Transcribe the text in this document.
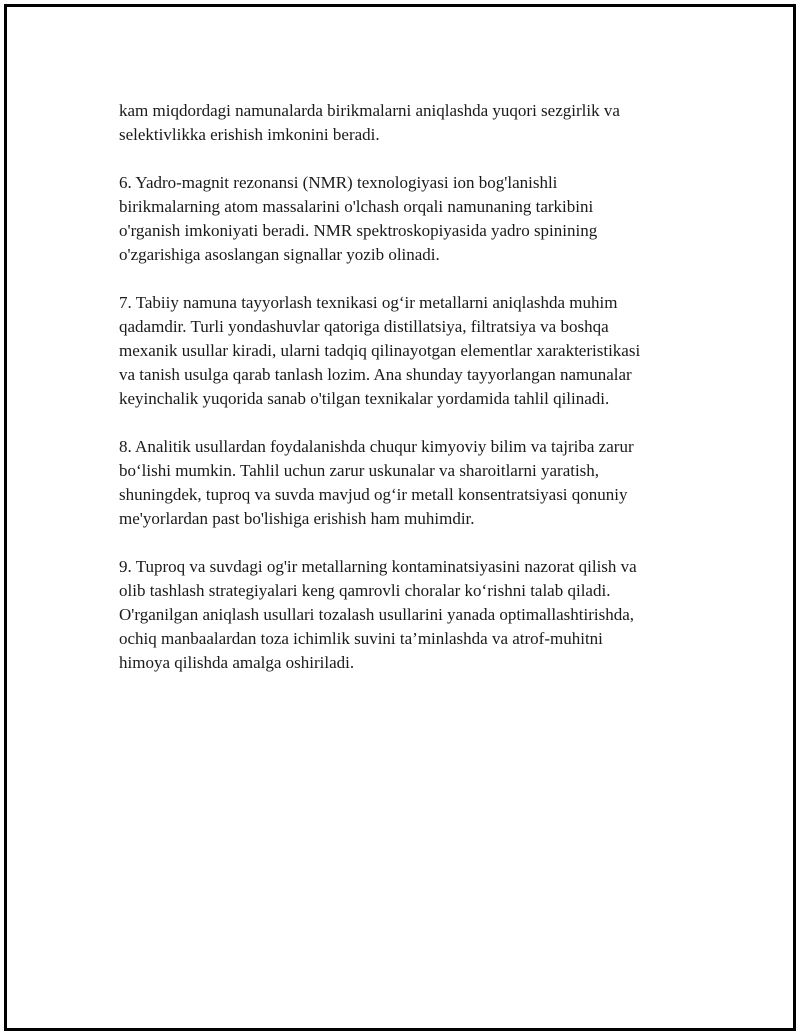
kam miqdordagi namunalarda birikmalarni aniqlashda yuqori sezgirlik va
selektivlikka erishish imkonini beradi.

6. Yadro-magnit rezonansi (NMR) texnologiyasi ion bog'lanishli
birikmalarning atom massalarini o'lchash orqali namunaning tarkibini
o'rganish imkoniyati beradi. NMR spektroskopiyasida yadro spinining
o'zgarishiga asoslangan signallar yozib olinadi.

7. Tabiiy namuna tayyorlash texnikasi og‘ir metallarni aniqlashda muhim
qadamdir. Turli yondashuvlar qatoriga distillatsiya, filtratsiya va boshqa
mexanik usullar kiradi, ularni tadqiq qilinayotgan elementlar xarakteristikasi
va tanish usulga qarab tanlash lozim. Ana shunday tayyorlangan namunalar
keyinchalik yuqorida sanab o'tilgan texnikalar yordamida tahlil qilinadi.

8. Analitik usullardan foydalanishda chuqur kimyoviy bilim va tajriba zarur
bo‘lishi mumkin. Tahlil uchun zarur uskunalar va sharoitlarni yaratish,
shuningdek, tuproq va suvda mavjud og‘ir metall konsentratsiyasi qonuniy
me'yorlardan past bo'lishiga erishish ham muhimdir.

9. Tuproq va suvdagi og'ir metallarning kontaminatsiyasini nazorat qilish va
olib tashlash strategiyalari keng qamrovli choralar ko‘rishni talab qiladi.
O'rganilgan aniqlash usullari tozalash usullarini yanada optimallashtirishda,
ochiq manbaalardan toza ichimlik suvini ta’minlashda va atrof-muhitni
himoya qilishda amalga oshiriladi.
